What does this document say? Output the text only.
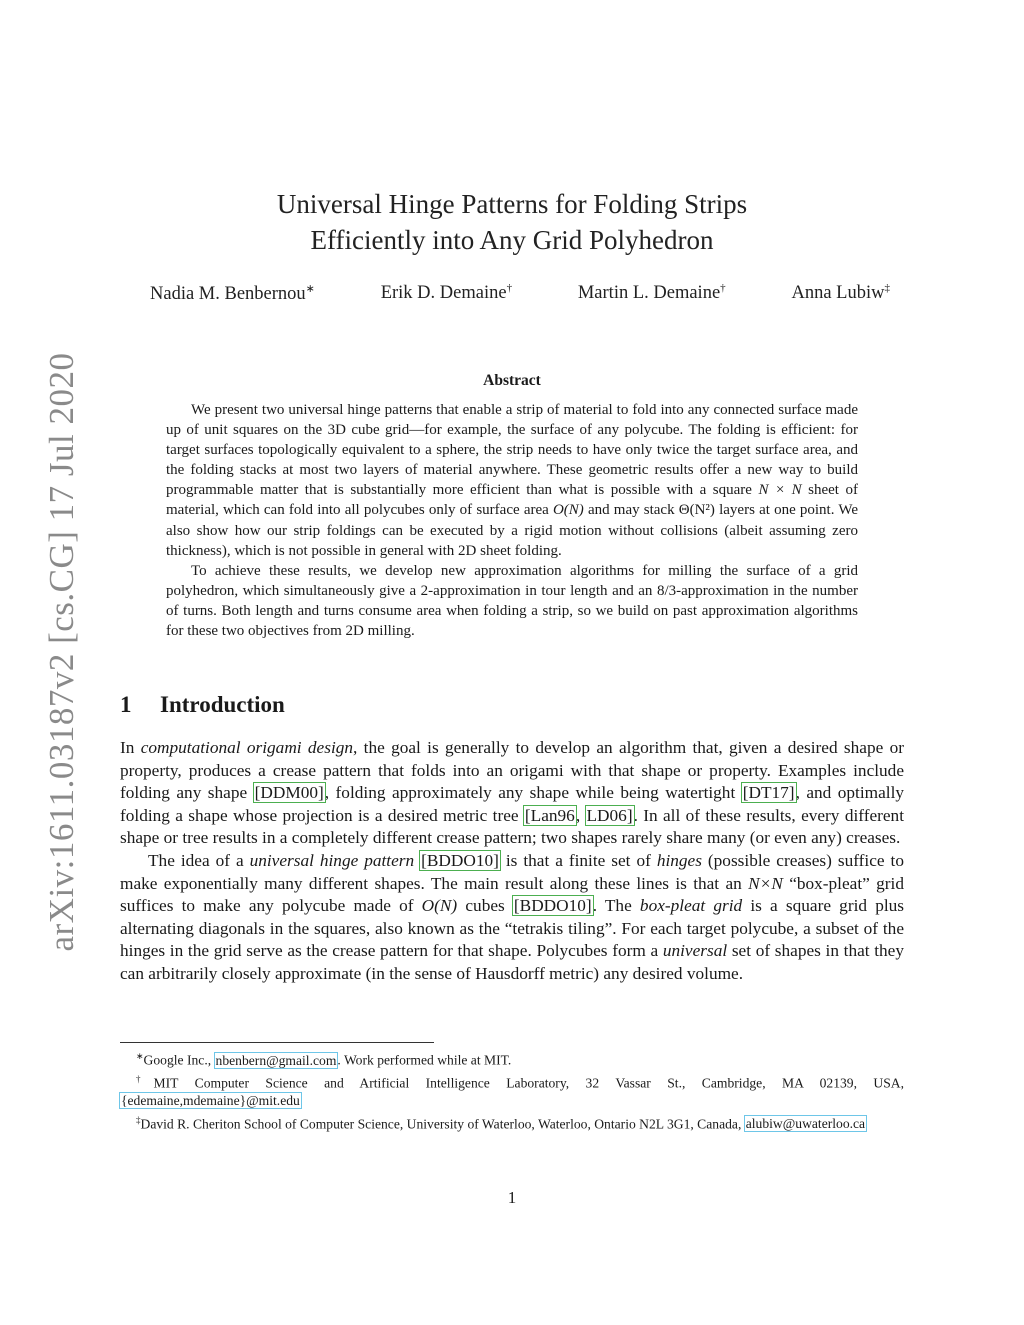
arXiv:1611.03187v2 [cs.CG] 17 Jul 2020
Universal Hinge Patterns for Folding Strips
Efficiently into Any Grid Polyhedron
Nadia M. Benbernou∗	Erik D. Demaine†	Martin L. Demaine†	Anna Lubiw‡
Abstract

We present two universal hinge patterns that enable a strip of material to fold into any connected surface made up of unit squares on the 3D cube grid—for example, the surface of any polycube. The folding is efficient: for target surfaces topologically equivalent to a sphere, the strip needs to have only twice the target surface area, and the folding stacks at most two layers of material anywhere. These geometric results offer a new way to build programmable matter that is substantially more efficient than what is possible with a square N × N sheet of material, which can fold into all polycubes only of surface area O(N) and may stack Θ(N²) layers at one point. We also show how our strip foldings can be executed by a rigid motion without collisions (albeit assuming zero thickness), which is not possible in general with 2D sheet folding.

To achieve these results, we develop new approximation algorithms for milling the surface of a grid polyhedron, which simultaneously give a 2-approximation in tour length and an 8/3-approximation in the number of turns. Both length and turns consume area when folding a strip, so we build on past approximation algorithms for these two objectives from 2D milling.

1 Introduction

In computational origami design, the goal is generally to develop an algorithm that, given a desired shape or property, produces a crease pattern that folds into an origami with that shape or property. Examples include folding any shape [DDM00], folding approximately any shape while being watertight [DT17], and optimally folding a shape whose projection is a desired metric tree [Lan96, LD06]. In all of these results, every different shape or tree results in a completely different crease pattern; two shapes rarely share many (or even any) creases.

The idea of a universal hinge pattern [BDDO10] is that a finite set of hinges (possible creases) suffice to make exponentially many different shapes. The main result along these lines is that an N×N “box-pleat” grid suffices to make any polycube made of O(N) cubes [BDDO10]. The box-pleat grid is a square grid plus alternating diagonals in the squares, also known as the “tetrakis tiling”. For each target polycube, a subset of the hinges in the grid serve as the crease pattern for that shape. Polycubes form a universal set of shapes in that they can arbitrarily closely approximate (in the sense of Hausdorff metric) any desired volume.

∗Google Inc., nbenbern@gmail.com. Work performed while at MIT.

†MIT Computer Science and Artificial Intelligence Laboratory, 32 Vassar St., Cambridge, MA 02139, USA, {edemaine,mdemaine}@mit.edu

‡David R. Cheriton School of Computer Science, University of Waterloo, Waterloo, Ontario N2L 3G1, Canada, alubiw@uwaterloo.ca

1
